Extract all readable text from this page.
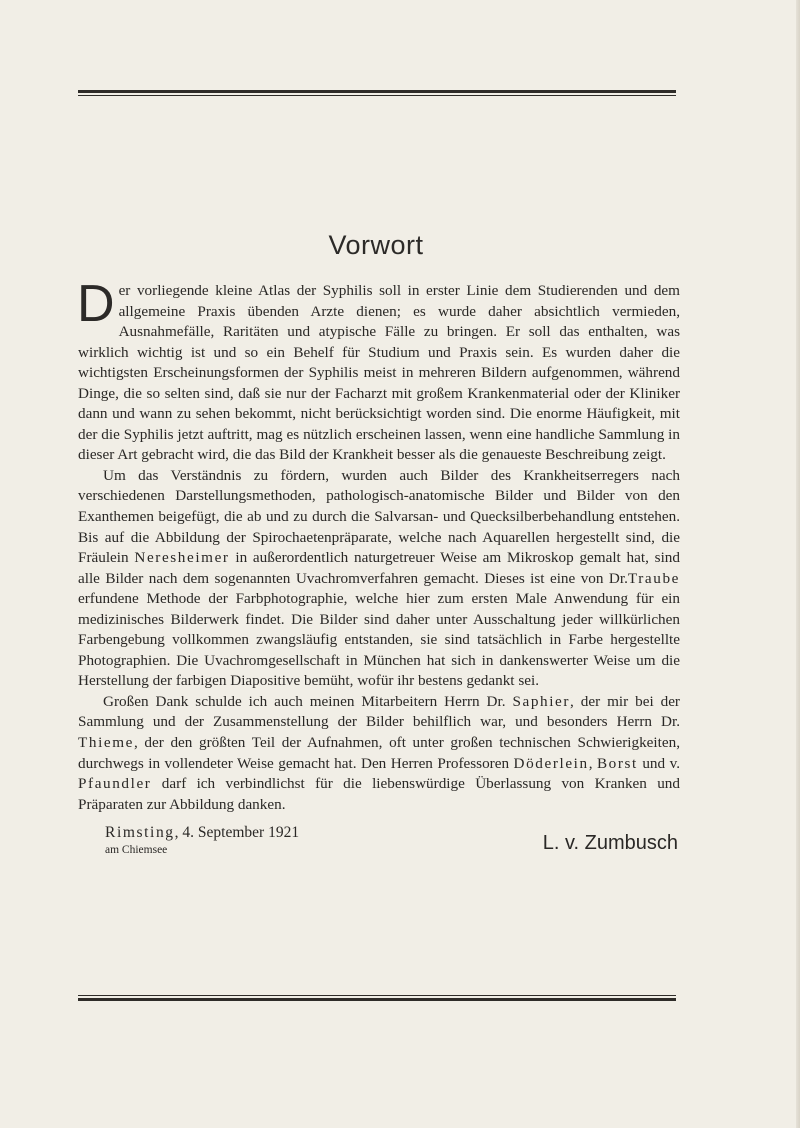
Vorwort

Der vorliegende kleine Atlas der Syphilis soll in erster Linie dem Studierenden und dem allgemeine Praxis übenden Arzte dienen; es wurde daher absichtlich vermieden, Ausnahmefälle, Raritäten und atypische Fälle zu bringen. Er soll das enthalten, was wirklich wichtig ist und so ein Behelf für Studium und Praxis sein. Es wurden daher die wichtigsten Erscheinungsformen der Syphilis meist in mehreren Bildern aufgenommen, während Dinge, die so selten sind, daß sie nur der Facharzt mit großem Krankenmaterial oder der Kliniker dann und wann zu sehen bekommt, nicht berücksichtigt worden sind. Die enorme Häufigkeit, mit der die Syphilis jetzt auftritt, mag es nützlich erscheinen lassen, wenn eine handliche Sammlung in dieser Art gebracht wird, die das Bild der Krankheit besser als die genaueste Beschreibung zeigt.

Um das Verständnis zu fördern, wurden auch Bilder des Krankheitserregers nach verschiedenen Darstellungsmethoden, pathologisch-anatomische Bilder und Bilder von den Exanthemen beigefügt, die ab und zu durch die Salvarsan- und Quecksilberbehandlung entstehen. Bis auf die Abbildung der Spirochaetenpräparate, welche nach Aquarellen hergestellt sind, die Fräulein Neresheimer in außerordentlich naturgetreuer Weise am Mikroskop gemalt hat, sind alle Bilder nach dem sogenannten Uvachromverfahren gemacht. Dieses ist eine von Dr.Traube erfundene Methode der Farbphotographie, welche hier zum ersten Male Anwendung für ein medizinisches Bilderwerk findet. Die Bilder sind daher unter Ausschaltung jeder willkürlichen Farbengebung vollkommen zwangsläufig entstanden, sie sind tatsächlich in Farbe hergestellte Photographien. Die Uvachromgesellschaft in München hat sich in dankenswerter Weise um die Herstellung der farbigen Diapositive bemüht, wofür ihr bestens gedankt sei.

Großen Dank schulde ich auch meinen Mitarbeitern Herrn Dr. Saphier, der mir bei der Sammlung und der Zusammenstellung der Bilder behilflich war, und besonders Herrn Dr. Thieme, der den größten Teil der Aufnahmen, oft unter großen technischen Schwierigkeiten, durchwegs in vollendeter Weise gemacht hat. Den Herren Professoren Döderlein, Borst und v. Pfaundler darf ich verbindlichst für die liebenswürdige Überlassung von Kranken und Präparaten zur Abbildung danken.

Rimsting, 4. September 1921
am Chiemsee	L. v. Zumbusch
